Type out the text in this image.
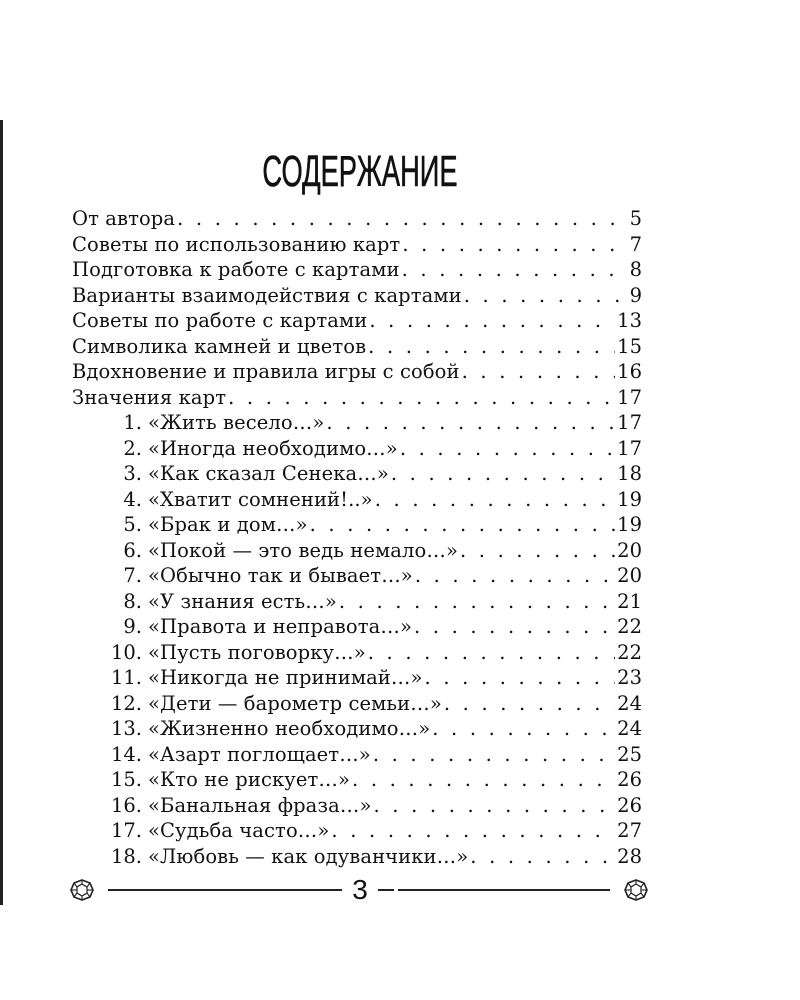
СОДЕРЖАНИЕ
От автора . . .	5
Советы по использованию карт . . .	7
Подготовка к работе с картами . . .	8
Варианты взаимодействия с картами . . .	9
Советы по работе с картами . . .	13
Символика камней и цветов . . .	15
Вдохновение и правила игры с собой . . .	16
Значения карт . . .	17
1. «Жить весело…» . . .	17
2. «Иногда необходимо…» . . .	17
3. «Как сказал Сенека…» . . .	18
4. «Хватит сомнений!..» . . .	19
5. «Брак и дом…» . . .	19
6. «Покой — это ведь немало…» . . .	20
7. «Обычно так и бывает…» . . .	20
8. «У знания есть…» . . .	21
9. «Правота и неправота…» . . .	22
10. «Пусть поговорку…» . . .	22
11. «Никогда не принимай…» . . .	23
12. «Дети — барометр семьи…» . . .	24
13. «Жизненно необходимо…» . . .	24
14. «Азарт поглощает…» . . .	25
15. «Кто не рискует…» . . .	26
16. «Банальная фраза…» . . .	26
17. «Судьба часто…» . . .	27
18. «Любовь — как одуванчики…» . . .	28
3
